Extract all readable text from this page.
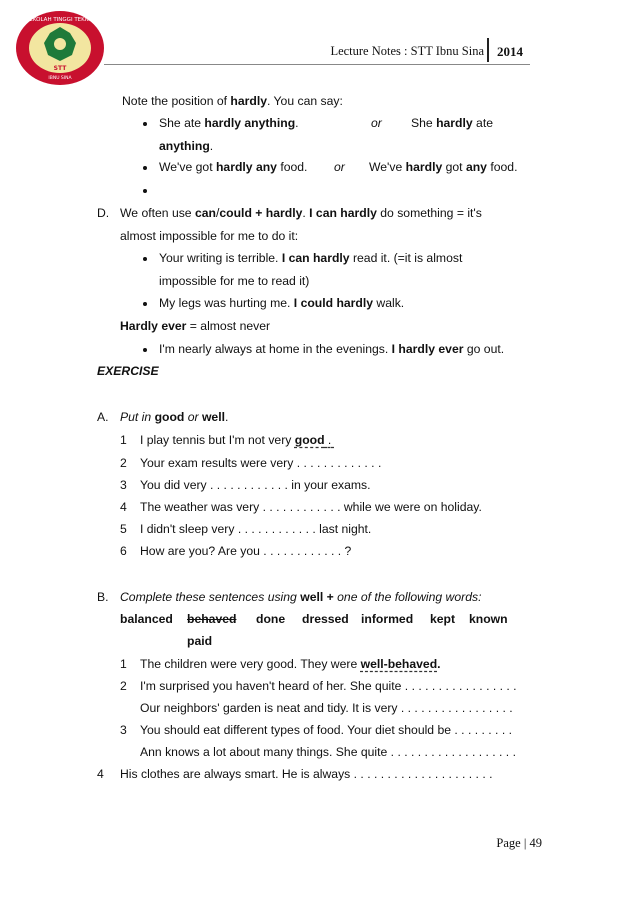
SEKOLAH TINGGI TEKNIK
STT
IBNU SINA
Lecture Notes : STT Ibnu Sina 2014
Note the position of hardly. You can say:
She ate hardly anything.	or She hardly ate
anything.
We've got hardly any food. or We've hardly got any food.
D. We often use can/could + hardly. I can hardly do something = it's
almost impossible for me to do it:
Your writing is terrible. I can hardly read it. (=it is almost
impossible for me to read it)
My legs was hurting me. I could hardly walk.
Hardly ever = almost never
I'm nearly always at home in the evenings. I hardly ever go out.
EXERCISE
A. Put in good or well.
1 I play tennis but I'm not very good .
2 Your exam results were very . . . . . . . . . . . . .
3 You did very . . . . . . . . . . . . in your exams.
4 The weather was very . . . . . . . . . . . . while we were on holiday.
5 I didn't sleep very . . . . . . . . . . . . last night.
6 How are you? Are you . . . . . . . . . . . . ?
B. Complete these sentences using well + one of the following words:
balanced behaved done dressed informed kept known
paid
1 The children were very good. They were well-behaved.
2 I'm surprised you haven't heard of her. She quite . . . . . . . . . . . . . . . . .
Our neighbors' garden is neat and tidy. It is very . . . . . . . . . . . . . . . . .
3 You should eat different types of food. Your diet should be . . . . . . . . .
Ann knows a lot about many things. She quite . . . . . . . . . . . . . . . . . . .
4 His clothes are always smart. He is always . . . . . . . . . . . . . . . . . . . . .
Page | 49
